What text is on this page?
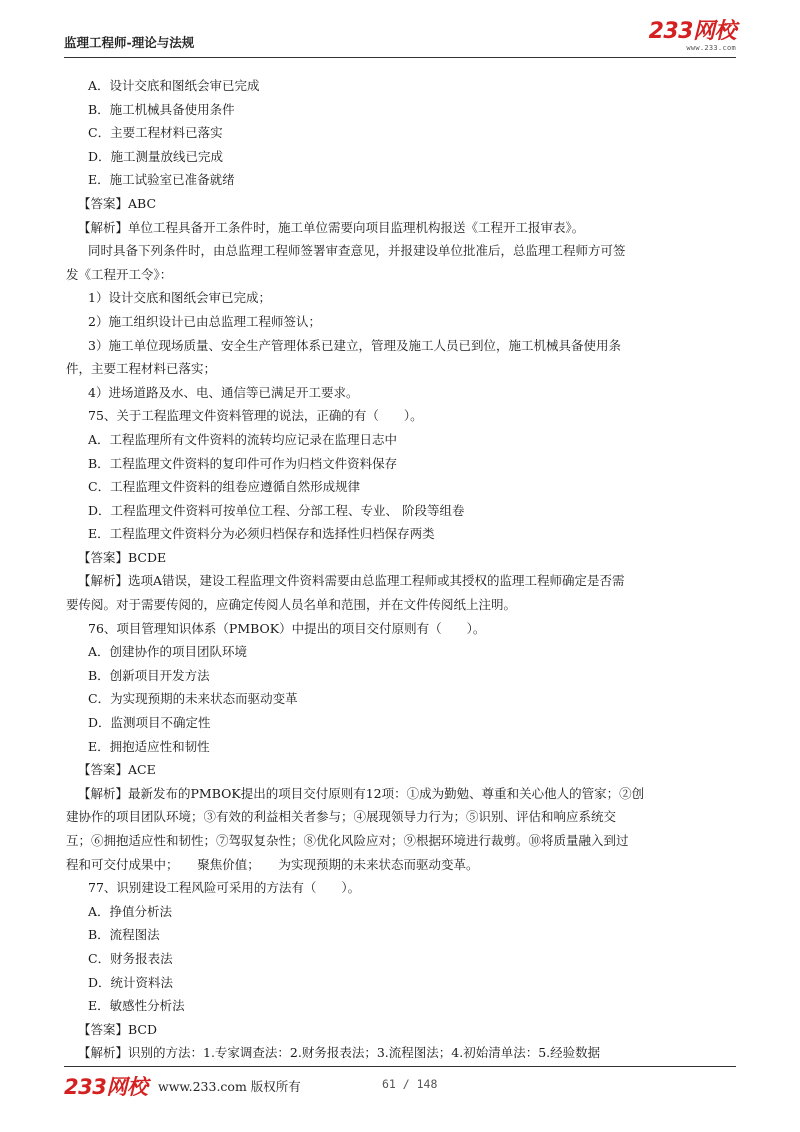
监理工程师-理论与法规	233网校
www.233.com
A．设计交底和图纸会审已完成
B．施工机械具备使用条件
C．主要工程材料已落实
D．施工测量放线已完成
E．施工试验室已准备就绪
【答案】ABC
【解析】单位工程具备开工条件时，施工单位需要向项目监理机构报送《工程开工报审表》。
同时具备下列条件时，由总监理工程师签署审查意见，并报建设单位批准后，总监理工程师方可签
发《工程开工令》：
1）设计交底和图纸会审已完成；
2）施工组织设计已由总监理工程师签认；
3）施工单位现场质量、安全生产管理体系已建立，管理及施工人员已到位，施工机械具备使用条
件，主要工程材料已落实；
4）进场道路及水、电、通信等已满足开工要求。
75、关于工程监理文件资料管理的说法，正确的有（　　）。
A．工程监理所有文件资料的流转均应记录在监理日志中
B．工程监理文件资料的复印件可作为归档文件资料保存
C．工程监理文件资料的组卷应遵循自然形成规律
D．工程监理文件资料可按单位工程、分部工程、专业、 阶段等组卷
E．工程监理文件资料分为必须归档保存和选择性归档保存两类
【答案】BCDE
【解析】选项A错误，建设工程监理文件资料需要由总监理工程师或其授权的监理工程师确定是否需
要传阅。对于需要传阅的，应确定传阅人员名单和范围，并在文件传阅纸上注明。
76、项目管理知识体系（PMBOK）中提出的项目交付原则有（　　）。
A．创建协作的项目团队环境
B．创新项目开发方法
C．为实现预期的未来状态而驱动变革
D．监测项目不确定性
E．拥抱适应性和韧性
【答案】ACE
【解析】最新发布的PMBOK提出的项目交付原则有12项：①成为勤勉、尊重和关心他人的管家；②创
建协作的项目团队环境；③有效的利益相关者参与；④展现领导力行为；⑤识别、评估和响应系统交
互；⑥拥抱适应性和韧性；⑦驾驭复杂性；⑧优化风险应对；⑨根据环境进行裁剪。⑩将质量融入到过
程和可交付成果中；　　聚焦价值；　　为实现预期的未来状态而驱动变革。
77、识别建设工程风险可采用的方法有（　　）。
A．挣值分析法
B．流程图法
C．财务报表法
D．统计资料法
E．敏感性分析法
【答案】BCD
【解析】识别的方法：1.专家调查法：2.财务报表法；3.流程图法；4.初始清单法：5.经验数据
233网校 www.233.com 版权所有	61 / 148
